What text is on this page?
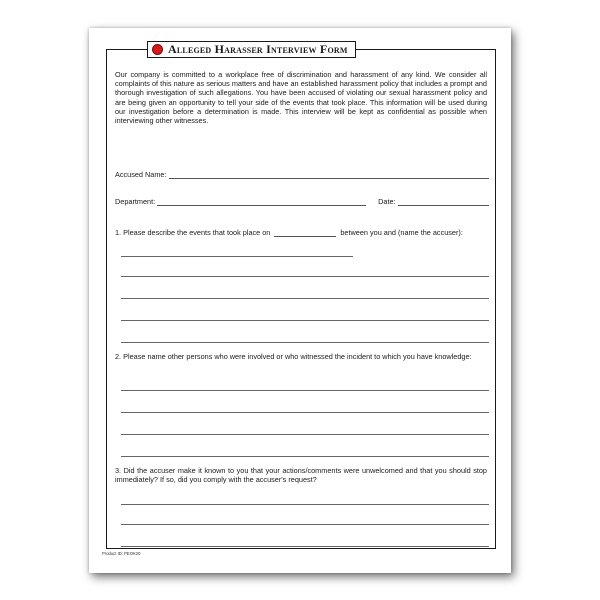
Alleged Harasser Interview Form

Our company is committed to a workplace free of discrimination and harassment of any kind. We consider all complaints of this nature as serious matters and have an established harassment policy that includes a prompt and thorough investigation of such allegations. You have been accused of violating our sexual harassment policy and are being given an opportunity to tell your side of the events that took place. This information will be used during our investigation before a determination is made. This interview will be kept as confidential as possible when interviewing other witnesses.

Accused Name:
Department:	Date:
1. Please describe the events that took place on	between you and (name the accuser):
2. Please name other persons who were involved or who witnessed the incident to which you have knowledge:
3. Did the accuser make it known to you that your actions/comments were unwelcomed and that you should stop immediately? If so, did you comply with the accuser's request?
Product ID: PEOK20
